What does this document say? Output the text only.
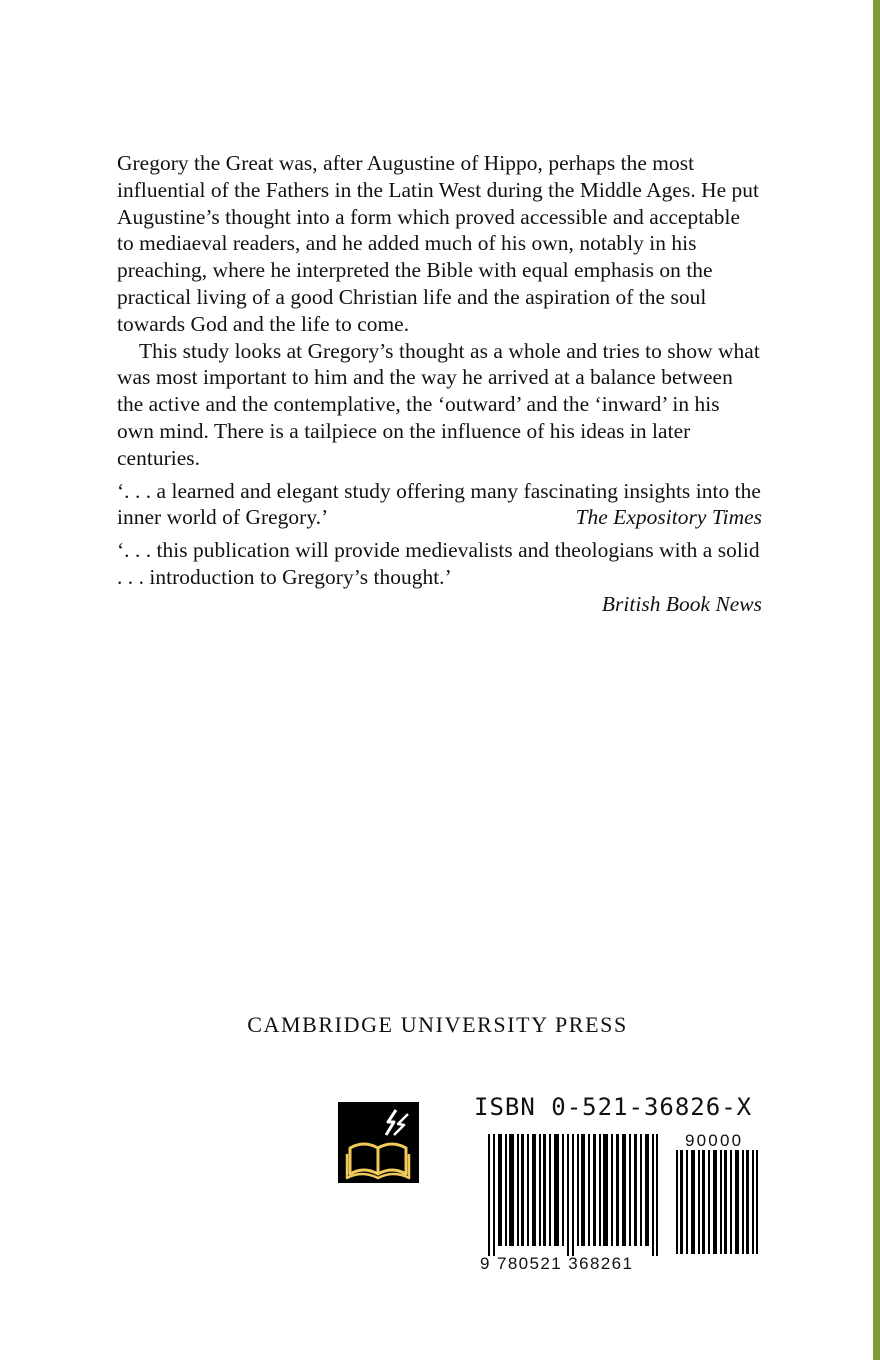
Gregory the Great was, after Augustine of Hippo, perhaps the most influential of the Fathers in the Latin West during the Middle Ages. He put Augustine’s thought into a form which proved accessible and acceptable to mediaeval readers, and he added much of his own, notably in his preaching, where he interpreted the Bible with equal emphasis on the practical living of a good Christian life and the aspiration of the soul towards God and the life to come.

This study looks at Gregory’s thought as a whole and tries to show what was most important to him and the way he arrived at a balance between the active and the contemplative, the ‘outward’ and the ‘inward’ in his own mind. There is a tailpiece on the influence of his ideas in later centuries.

‘. . . a learned and elegant study offering many fascinating insights into the inner world of Gregory.’	The Expository Times

‘. . . this publication will provide medievalists and theologians with a solid . . . introduction to Gregory’s thought.’

British Book News

CAMBRIDGE UNIVERSITY PRESS
ISBN 0-521-36826-X
90000
9 780521 368261
